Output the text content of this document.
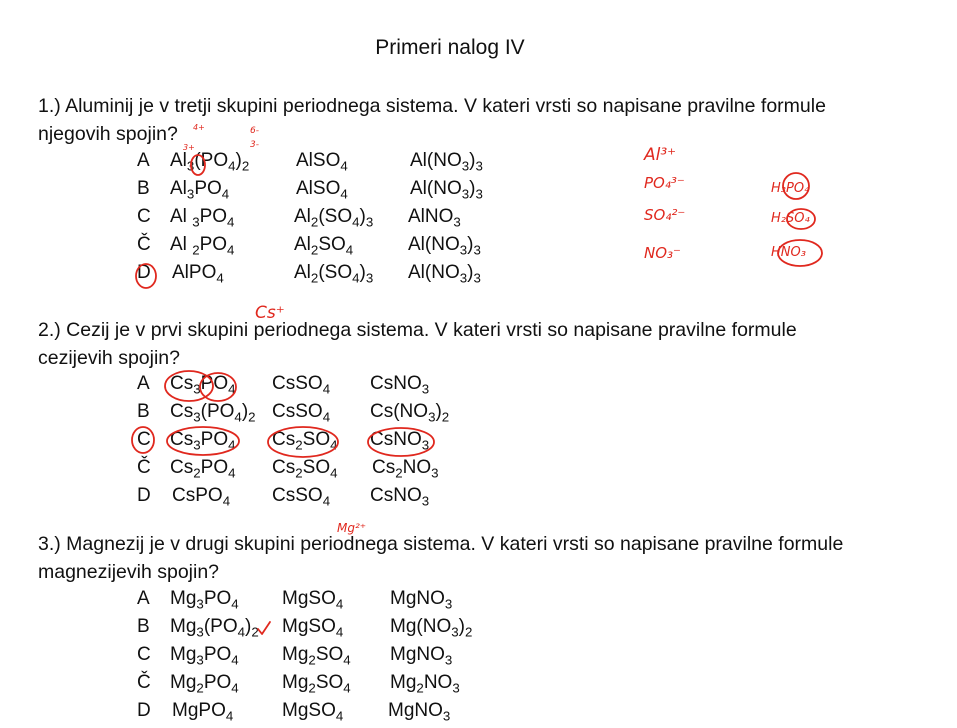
Primeri nalog IV
1.) Aluminij je v tretji skupini periodnega sistema. V kateri vrsti so napisane pravilne formule
njegovih spojin?
A $Al_3(PO_4)_2$ AlSO$_4$	$Al(NO_3)_3$
B $Al_3PO_4$	AlSO$_4$	$Al(NO_3)_3$
C Al $_3PO_4$	$Al_2(SO_4)_3$ AlNO$_3$
Č Al $_2PO_4$	$Al_2SO_4$	$Al(NO_3)_3$
D AlPO$_4$	$Al_2(SO_4)_3$ $Al(NO_3)_3$
2.) Cezij je v prvi skupini periodnega sistema. V kateri vrsti so napisane pravilne formule
cezijevih spojin?
A $Cs_3PO_4$ CsSO$_4$ CsNO$_3$
B $Cs_3(PO_4)_2$ CsSO$_4$ $Cs(NO_3)_2$
C $Cs_3PO_4$ $Cs_2SO_4$ CsNO$_3$
Č $Cs_2PO_4$ $Cs_2SO_4$ $Cs_2NO_3$
D CsPO$_4$ CsSO$_4$ CsNO$_3$
3.) Magnezij je v drugi skupini periodnega sistema. V kateri vrsti so napisane pravilne formule
magnezijevih spojin?
A $Mg_3PO_4$ MgSO$_4$ MgNO$_3$
B $Mg_3(PO_4)_2$ MgSO$_4$ $Mg(NO_3)_2$
C $Mg_3PO_4$ $Mg_2SO_4$ MgNO$_3$
Č $Mg_2PO_4$ $Mg_2SO_4$ $Mg_2NO_3$
D MgPO$_4$	MgSO$_4$ MgNO$_3$
Al³⁺
PO₄³⁻
SO₄²⁻
NO₃⁻
H₃PO₄
H₂SO₄
HNO₃
Cs⁺
Mg²⁺
3+
6-
3-
4+
